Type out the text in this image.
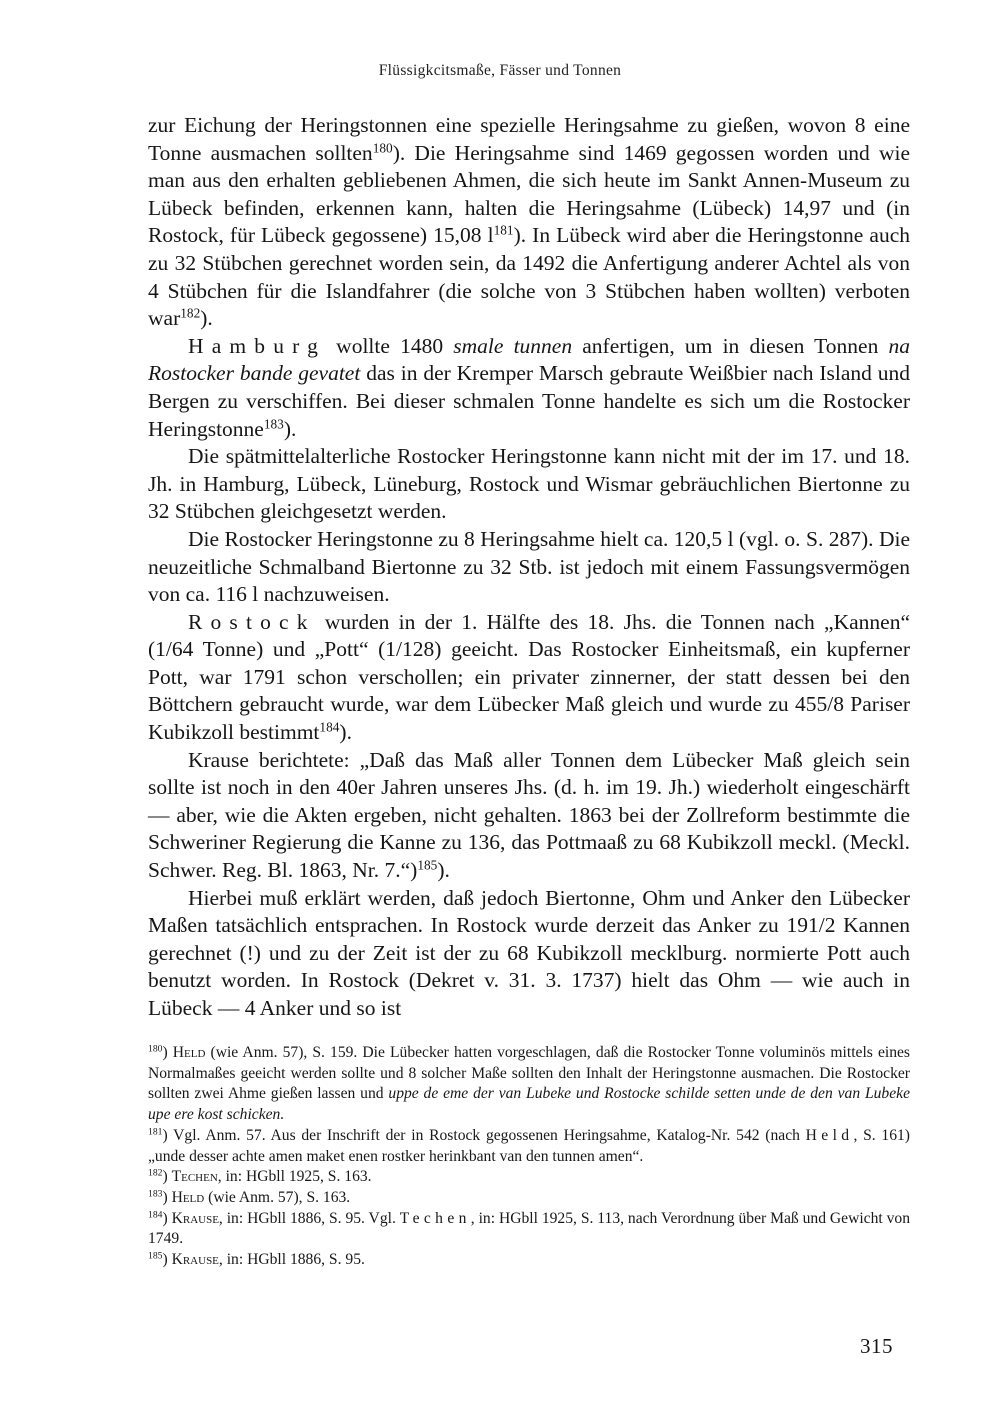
Flüssigkcitsmaße, Fässer und Tonnen

zur Eichung der Heringstonnen eine spezielle Heringsahme zu gießen, wovon 8 eine Tonne ausmachen sollten$^{180}$). Die Heringsahme sind 1469 gegossen worden und wie man aus den erhalten gebliebenen Ahmen, die sich heute im Sankt Annen-Museum zu Lübeck befinden, erkennen kann, halten die Heringsahme (Lübeck) 14,97 und (in Rostock, für Lübeck gegossene) 15,08 $l^{181}$). In Lübeck wird aber die Heringstonne auch zu 32 Stübchen gerechnet worden sein, da 1492 die Anfertigung anderer Achtel als von 4 Stübchen für die Islandfahrer (die solche von 3 Stübchen haben wollten) verboten war$^{182}$).

Hamburg wollte 1480 smale tunnen anfertigen, um in diesen Tonnen na Rostocker bande gevatet das in der Kremper Marsch gebraute Weißbier nach Island und Bergen zu verschiffen. Bei dieser schmalen Tonne handelte es sich um die Rostocker Heringstonne$^{183}$).

Die spätmittelalterliche Rostocker Heringstonne kann nicht mit der im 17. und 18. Jh. in Hamburg, Lübeck, Lüneburg, Rostock und Wismar gebräuchlichen Biertonne zu 32 Stübchen gleichgesetzt werden.

Die Rostocker Heringstonne zu 8 Heringsahme hielt ca. 120,5 l (vgl. o. S. 287). Die neuzeitliche Schmalband Biertonne zu 32 Stb. ist jedoch mit einem Fassungsvermögen von ca. 116 l nachzuweisen.

Rostock wurden in der 1. Hälfte des 18. Jhs. die Tonnen nach „Kannen“ (1/64 Tonne) und „Pott“ (1/128) geeicht. Das Rostocker Einheitsmaß, ein kupferner Pott, war 1791 schon verschollen; ein privater zinnerner, der statt dessen bei den Böttchern gebraucht wurde, war dem Lübecker Maß gleich und wurde zu 455/8 Pariser Kubikzoll bestimmt$^{184}$).

Krause berichtete: „Daß das Maß aller Tonnen dem Lübecker Maß gleich sein sollte ist noch in den 40er Jahren unseres Jhs. (d. h. im 19. Jh.) wiederholt eingeschärft — aber, wie die Akten ergeben, nicht gehalten. 1863 bei der Zollreform bestimmte die Schweriner Regierung die Kanne zu 136, das Pottmaaß zu 68 Kubikzoll meckl. (Meckl. Schwer. Reg. Bl. 1863, Nr. 7.“)$^{185}$).

Hierbei muß erklärt werden, daß jedoch Biertonne, Ohm und Anker den Lübecker Maßen tatsächlich entsprachen. In Rostock wurde derzeit das Anker zu 191/2 Kannen gerechnet (!) und zu der Zeit ist der zu 68 Kubikzoll mecklburg. normierte Pott auch benutzt worden. In Rostock (Dekret v. 31. 3. 1737) hielt das Ohm — wie auch in Lübeck — 4 Anker und so ist

$^{180}$) Held (wie Anm. 57), S. 159. Die Lübecker hatten vorgeschlagen, daß die Rostocker Tonne voluminös mittels eines Normalmaßes geeicht werden sollte und 8 solcher Maße sollten den Inhalt der Heringstonne ausmachen. Die Rostocker sollten zwei Ahme gießen lassen und uppe de eme der van Lubeke und Rostocke schilde setten unde de den van Lubeke upe ere kost schicken.

$^{181}$) Vgl. Anm. 57. Aus der Inschrift der in Rostock gegossenen Heringsahme, Katalog-Nr. 542 (nach Held, S. 161) „unde desser achte amen maket enen rostker herinkbant van den tunnen amen“.

$^{182}$) Techen, in: HGbll 1925, S. 163.

$^{183}$) Held (wie Anm. 57), S. 163.

$^{184}$) Krause, in: HGbll 1886, S. 95. Vgl. Techen, in: HGbll 1925, S. 113, nach Verordnung über Maß und Gewicht von 1749.

$^{185}$) Krause, in: HGbll 1886, S. 95.

315
